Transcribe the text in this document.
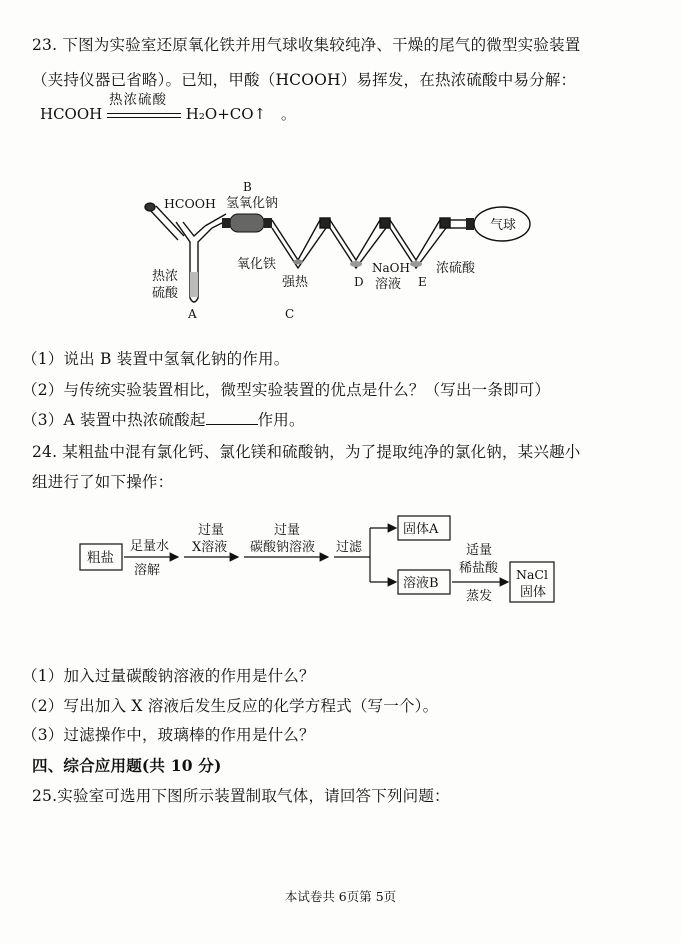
23. 下图为实验室还原氧化铁并用气球收集较纯净、干燥的尾气的微型实验装置
（夹持仪器已省略）。已知，甲酸（HCOOH）易挥发，在热浓硫酸中易分解：
HCOOH
热浓硫酸
H₂O+CO↑ 。
HCOOH
B
氢氧化钠
热浓
硫酸
A
氧化铁
强热
C
D
NaOH
溶液 E
浓硫酸
气球
（1）说出 B 装置中氢氧化钠的作用。
（2）与传统实验装置相比，微型实验装置的优点是什么？（写出一条即可）
（3）A 装置中热浓硫酸起	作用。
24. 某粗盐中混有氯化钙、氯化镁和硫酸钠，为了提取纯净的氯化钠，某兴趣小
组进行了如下操作：
粗盐
足量水
溶解
过量
X溶液
过量
碳酸钠溶液 过滤
固体A
溶液B
适量
稀盐酸
蒸发
NaCl
固体
（1）加入过量碳酸钠溶液的作用是什么？
（2）写出加入 X 溶液后发生反应的化学方程式（写一个）。
（3）过滤操作中，玻璃棒的作用是什么？
四、综合应用题(共 10 分)
25.实验室可选用下图所示装置制取气体，请回答下列问题：
本试卷共 6页第 5页
